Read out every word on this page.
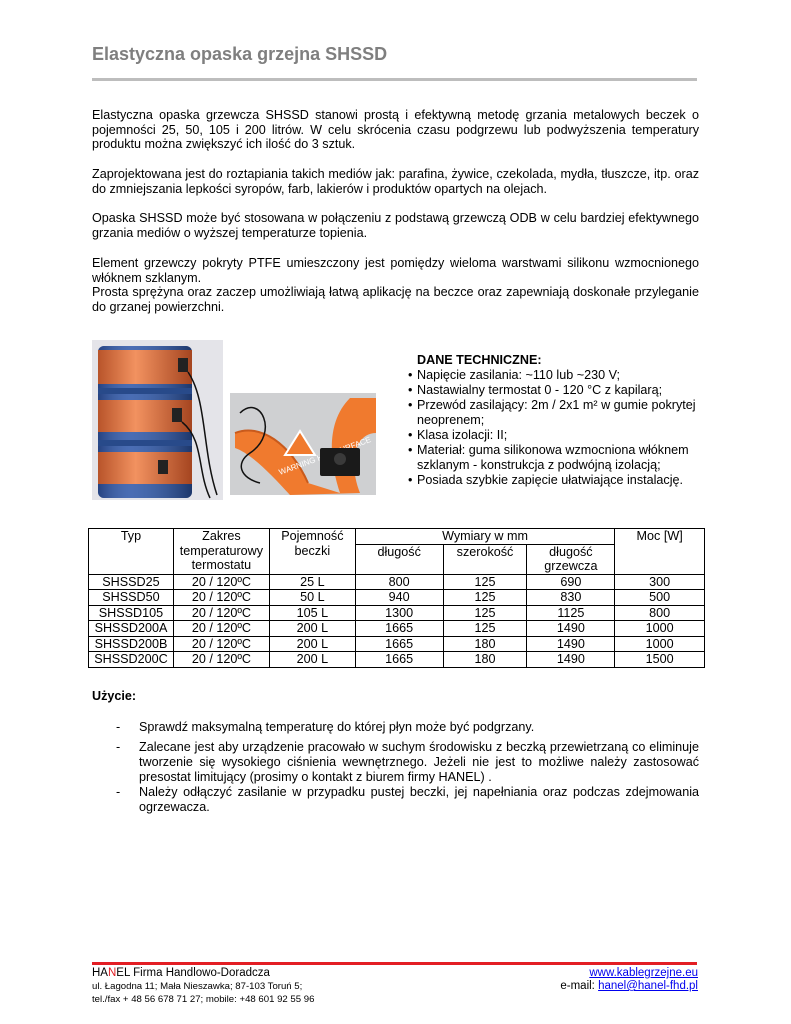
Elastyczna opaska grzejna SHSSD

Elastyczna opaska grzewcza SHSSD stanowi prostą i efektywną metodę grzania metalowych beczek o pojemności 25, 50, 105 i 200 litrów. W celu skrócenia czasu podgrzewu lub podwyższenia temperatury produktu można zwiększyć ich ilość do 3 sztuk.

Zaprojektowana jest do roztapiania takich mediów jak: parafina, żywice, czekolada, mydła, tłuszcze, itp. oraz do zmniejszania lepkości syropów, farb, lakierów i produktów opartych na olejach.

Opaska SHSSD może być stosowana w połączeniu z podstawą grzewczą ODB w celu bardziej efektywnego grzania mediów o wyższej temperaturze topienia.

Element grzewczy pokryty PTFE umieszczony jest pomiędzy wieloma warstwami silikonu wzmocnionego włóknem szklanym.

Prosta sprężyna oraz zaczep umożliwiają łatwą aplikację na beczce oraz zapewniają doskonałe przyleganie do grzanej powierzchni.

WARNING SURFACE

DANE TECHNICZNE:

• Napięcie zasilania: ~110 lub ~230 V;
• Nastawialny termostat 0 - 120 °C z kapilarą;
• Przewód zasilający: 2m / 2x1 m² w gumie pokrytej neoprenem;
• Klasa izolacji: II;
• Materiał: guma silikonowa wzmocniona włóknem szklanym - konstrukcja z podwójną izolacją;
• Posiada szybkie zapięcie ułatwiające instalację.
Typ	Zakres temperaturowy termostatu	Pojemność beczki	Wymiary w mm			Moc [W]
			długość	szerokość	długość grzewcza	
SHSSD25	20 / 120ºC	25 L	800	125	690	300
SHSSD50	20 / 120ºC	50 L	940	125	830	500
SHSSD105	20 / 120ºC	105 L	1300	125	1125	800
SHSSD200A	20 / 120ºC	200 L	1665	125	1490	1000
SHSSD200B	20 / 120ºC	200 L	1665	180	1490	1000
SHSSD200C	20 / 120ºC	200 L	1665	180	1490	1500

Użycie:

- Sprawdź maksymalną temperaturę do której płyn może być podgrzany.
- Zalecane jest aby urządzenie pracowało w suchym środowisku z beczką przewietrzaną co eliminuje tworzenie się wysokiego ciśnienia wewnętrznego. Jeżeli nie jest to możliwe należy zastosować presostat limitujący (prosimy o kontakt z biurem firmy HANEL) .
- Należy odłączyć zasilanie w przypadku pustej beczki, jej napełniania oraz podczas zdejmowania ogrzewacza.
HANEL Firma Handlowo-Doradcza
ul. Łagodna 11; Mała Nieszawka; 87-103 Toruń 5;
tel./fax + 48 56 678 71 27; mobile: +48 601 92 55 96
www.kablegrzejne.eu
e-mail: hanel@hanel-fhd.pl
